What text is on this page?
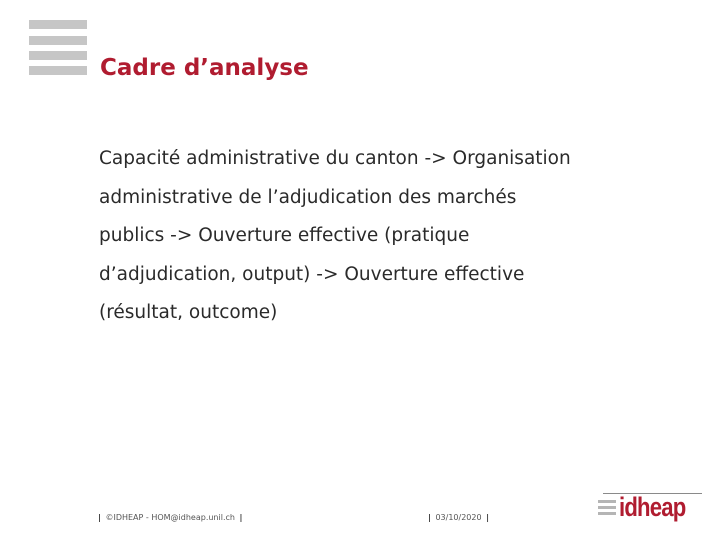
Cadre d’analyse
Capacité administrative du canton -> Organisation
administrative de l’adjudication des marchés
publics -> Ouverture effective (pratique
d’adjudication, output) -> Ouverture effective
(résultat, outcome)
| ©IDHEAP - HOM@idheap.unil.ch |	| 03/10/2020 |	idheap
